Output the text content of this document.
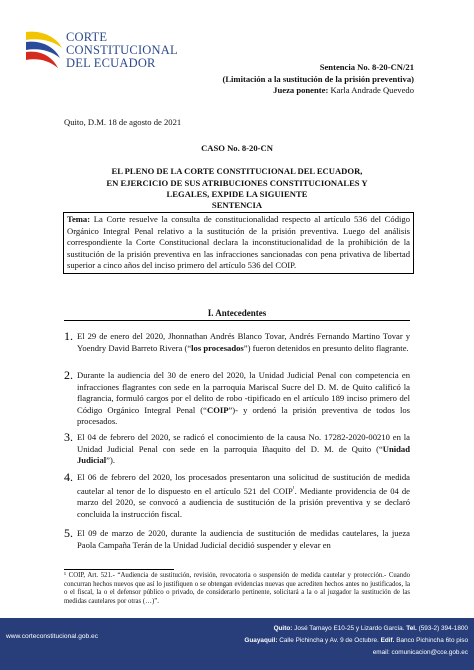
CORTE
CONSTITUCIONAL
DEL ECUADOR	Sentencia No. 8-20-CN/21
(Limitación a la sustitución de la prisión preventiva)
Jueza ponente: Karla Andrade Quevedo
Quito, D.M. 18 de agosto de 2021
CASO No. 8-20-CN
EL PLENO DE LA CORTE CONSTITUCIONAL DEL ECUADOR,
EN EJERCICIO DE SUS ATRIBUCIONES CONSTITUCIONALES Y
LEGALES, EXPIDE LA SIGUIENTE
SENTENCIA
Tema: La Corte resuelve la consulta de constitucionalidad respecto al artículo 536 del Código Orgánico Integral Penal relativo a la sustitución de la prisión preventiva. Luego del análisis correspondiente la Corte Constitucional declara la inconstitucionalidad de la prohibición de la sustitución de la prisión preventiva en las infracciones sancionadas con pena privativa de libertad superior a cinco años del inciso primero del artículo 536 del COIP.
I. Antecedentes
1. El 29 de enero del 2020, Jhonnathan Andrés Blanco Tovar, Andrés Fernando Martino Tovar y Yoendry David Barreto Rivera (“los procesados”) fueron detenidos en presunto delito flagrante.
2. Durante la audiencia del 30 de enero del 2020, la Unidad Judicial Penal con competencia en infracciones flagrantes con sede en la parroquia Mariscal Sucre del D. M. de Quito calificó la flagrancia, formuló cargos por el delito de robo -tipificado en el artículo 189 inciso primero del Código Orgánico Integral Penal (“COIP”)- y ordenó la prisión preventiva de todos los procesados.
3. El 04 de febrero del 2020, se radicó el conocimiento de la causa No. 17282-2020-00210 en la Unidad Judicial Penal con sede en la parroquia Iñaquito del D. M. de Quito (“Unidad Judicial”).
4. El 06 de febrero del 2020, los procesados presentaron una solicitud de sustitución de medida cautelar al tenor de lo dispuesto en el artículo 521 del $COIP^{^1}$. Mediante providencia de 04 de marzo del 2020, se convocó a audiencia de sustitución de la prisión preventiva y se declaró concluida la instrucción fiscal.
5. El 09 de marzo de 2020, durante la audiencia de sustitución de medidas cautelares, la jueza Paola Campaña Terán de la Unidad Judicial decidió suspender y elevar en
¹ COIP, Art. 521.- “Audiencia de sustitución, revisión, revocatoria o suspensión de medida cautelar y protección.- Cuando concurran hechos nuevos que así lo justifiquen o se obtengan evidencias nuevas que acrediten hechos antes no justificados, la o el fiscal, la o el defensor público o privado, de considerarlo pertinente, solicitará a la o al juzgador la sustitución de las medidas cautelares por otras (…)”.
www.corteconstitucional.gob.ec
Quito: José Tamayo E10-25 y Lizardo García. Tel. (593-2) 394-1800
Guayaquil: Calle Pichincha y Av. 9 de Octubre. Edif. Banco Pichincha 6to piso
email: comunicacion@cce.gob.ec
